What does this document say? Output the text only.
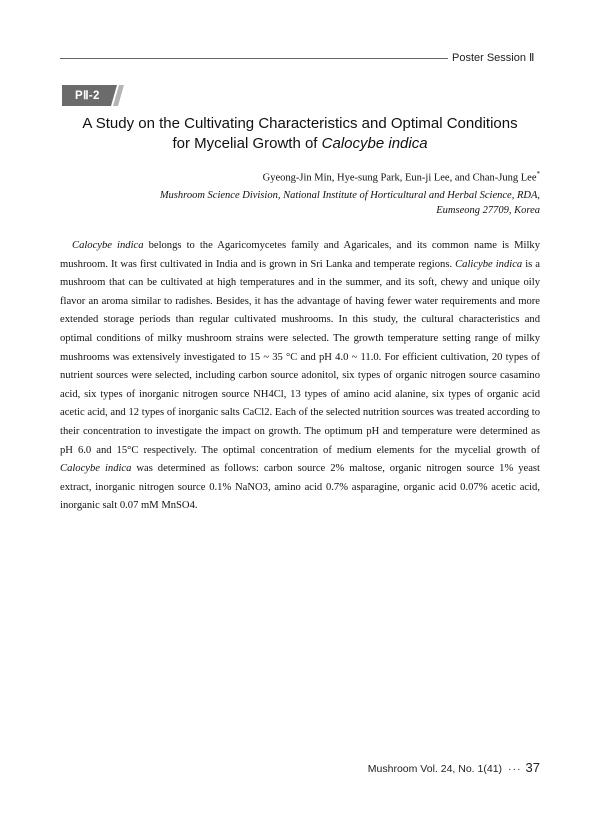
Poster Session Ⅱ
PⅡ-2
A Study on the Cultivating Characteristics and Optimal Conditions
for Mycelial Growth of Calocybe indica
Gyeong-Jin Min, Hye-sung Park, Eun-ji Lee, and Chan-Jung Lee*
Mushroom Science Division, National Institute of Horticultural and Herbal Science, RDA,
Eumseong 27709, Korea

Calocybe indica belongs to the Agaricomycetes family and Agaricales, and its common name is Milky mushroom. It was first cultivated in India and is grown in Sri Lanka and temperate regions. Calicybe indica is a mushroom that can be cultivated at high temperatures and in the summer, and its soft, chewy and unique oily flavor an aroma similar to radishes. Besides, it has the advantage of having fewer water requirements and more extended storage periods than regular cultivated mushrooms. In this study, the cultural characteristics and optimal conditions of milky mushroom strains were selected. The growth temperature setting range of milky mushrooms was extensively investigated to 15 ~ 35 °C and pH 4.0 ~ 11.0. For efficient cultivation, 20 types of nutrient sources were selected, including carbon source adonitol, six types of organic nitrogen source casamino acid, six types of inorganic nitrogen source NH4Cl, 13 types of amino acid alanine, six types of organic acid acetic acid, and 12 types of inorganic salts CaCl2. Each of the selected nutrition sources was treated according to their concentration to investigate the impact on growth. The optimum pH and temperature were determined as pH 6.0 and 15°C respectively. The optimal concentration of medium elements for the mycelial growth of Calocybe indica was determined as follows: carbon source 2% maltose, organic nitrogen source 1% yeast extract, inorganic nitrogen source 0.1% NaNO3, amino acid 0.7% asparagine, organic acid 0.07% acetic acid, inorganic salt 0.07 mM MnSO4.

Mushroom Vol. 24, No. 1(41) ··· 37
